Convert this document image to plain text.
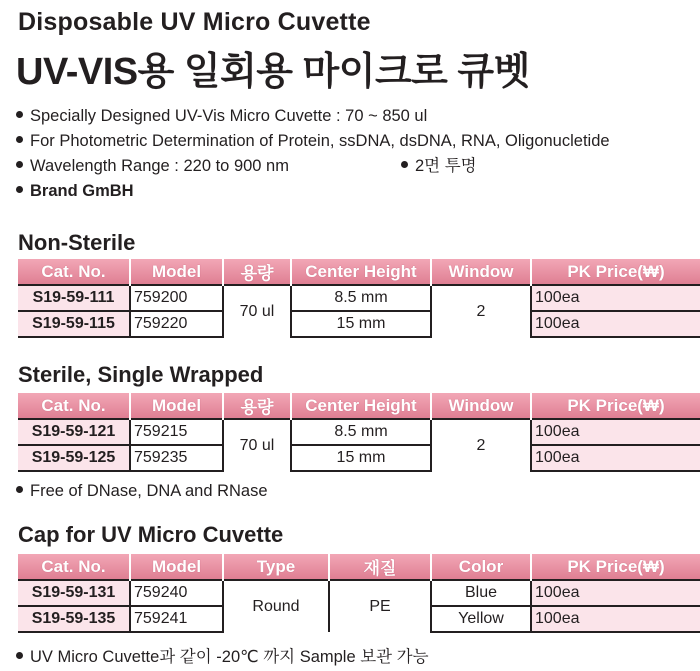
Disposable UV Micro Cuvette
UV-VIS용 일회용 마이크로 큐벳
Specially Designed UV-Vis Micro Cuvette : 70 ~ 850 ul
For Photometric Determination of Protein, ssDNA, dsDNA, RNA, Oligonucletide
Wavelength Range : 220 to 900 nm	2면 투명
Brand GmBH
Non-Sterile
Cat. No.	Model	용량	Center Height	Window	PK Price(₩)
S19-59-111	759200	70 ul	8.5 mm	2	100ea
S19-59-115	759220		15 mm		100ea
Sterile, Single Wrapped
Cat. No.	Model	용량	Center Height	Window	PK Price(₩)
S19-59-121	759215	70 ul	8.5 mm	2	100ea
S19-59-125	759235		15 mm		100ea
Free of DNase, DNA and RNase
Cap for UV Micro Cuvette
Cat. No.	Model	Type	재질	Color	PK Price(₩)
S19-59-131	759240	Round	PE	Blue	100ea
S19-59-135	759241			Yellow	100ea
UV Micro Cuvette과 같이 -20℃ 까지 Sample 보관 가능
